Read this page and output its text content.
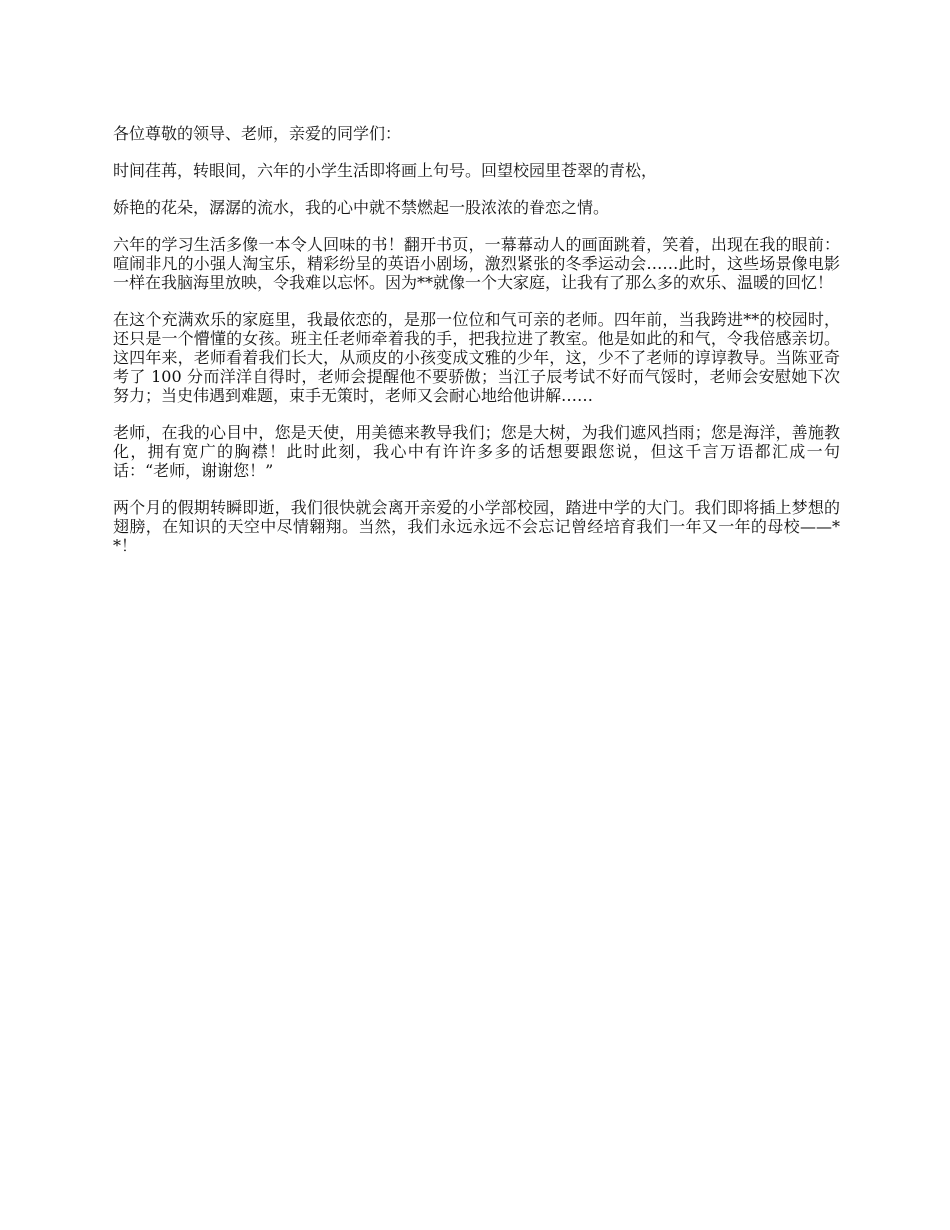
各位尊敬的领导、老师，亲爱的同学们：

时间荏苒，转眼间，六年的小学生活即将画上句号。回望校园里苍翠的青松，

娇艳的花朵，潺潺的流水，我的心中就不禁燃起一股浓浓的眷恋之情。

六年的学习生活多像一本令人回味的书！翻开书页，一幕幕动人的画面跳着，笑着，出现在我的眼前：喧闹非凡的小强人淘宝乐，精彩纷呈的英语小剧场，激烈紧张的冬季运动会……此时，这些场景像电影一样在我脑海里放映，令我难以忘怀。因为**就像一个大家庭，让我有了那么多的欢乐、温暖的回忆！

在这个充满欢乐的家庭里，我最依恋的，是那一位位和气可亲的老师。四年前，当我跨进**的校园时，还只是一个懵懂的女孩。班主任老师牵着我的手，把我拉进了教室。他是如此的和气，令我倍感亲切。这四年来，老师看着我们长大，从顽皮的小孩变成文雅的少年，这，少不了老师的谆谆教导。当陈亚奇考了 100 分而洋洋自得时，老师会提醒他不要骄傲；当江子辰考试不好而气馁时，老师会安慰她下次努力；当史伟遇到难题，束手无策时，老师又会耐心地给他讲解……

老师，在我的心目中，您是天使，用美德来教导我们；您是大树，为我们遮风挡雨；您是海洋，善施教化，拥有宽广的胸襟！此时此刻，我心中有许许多多的话想要跟您说，但这千言万语都汇成一句话：“老师，谢谢您！”

两个月的假期转瞬即逝，我们很快就会离开亲爱的小学部校园，踏进中学的大门。我们即将插上梦想的翅膀，在知识的天空中尽情翱翔。当然，我们永远永远不会忘记曾经培育我们一年又一年的母校——**！
